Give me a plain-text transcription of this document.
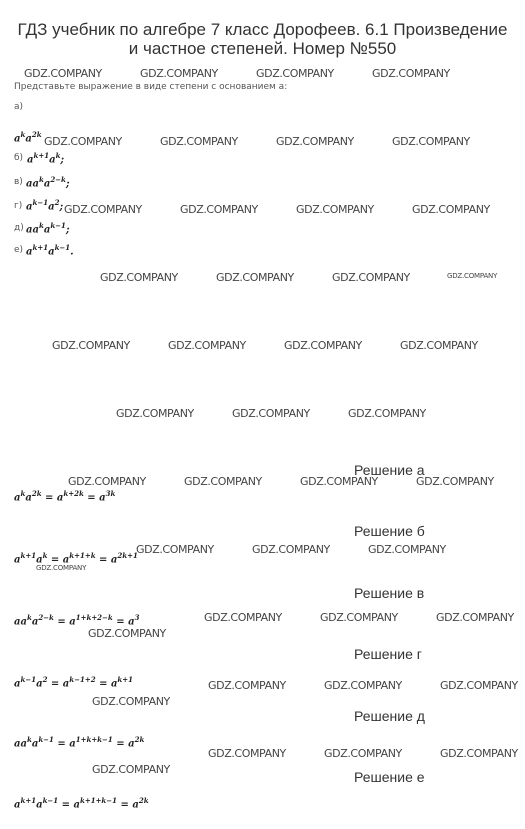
ГДЗ учебник по алгебре 7 класс Дорофеев. 6.1 Произведение
и частное степеней. Номер №550
GDZ.COMPANY	GDZ.COMPANY	GDZ.COMPANY	GDZ.COMPANY
GDZ.COMPANY	GDZ.COMPANY	GDZ.COMPANY	GDZ.COMPANY
GDZ.COMPANY	GDZ.COMPANY	GDZ.COMPANY	GDZ.COMPANY
GDZ.COMPANY	GDZ.COMPANY	GDZ.COMPANY
GDZ.COMPANY	GDZ.COMPANY	GDZ.COMPANY	GDZ.COMPANY
GDZ.COMPANY	GDZ.COMPANY	GDZ.COMPANY
GDZ.COMPANY	GDZ.COMPANY	GDZ.COMPANY	GDZ.COMPANY
GDZ.COMPANY	GDZ.COMPANY	GDZ.COMPANY
GDZ.COMPANY
GDZ.COMPANY	GDZ.COMPANY	GDZ.COMPANY
GDZ.COMPANY	GDZ.COMPANY	GDZ.COMPANY
GDZ.COMPANY
GDZ.COMPANY	GDZ.COMPANY	GDZ.COMPANY
GDZ.COMPANY
GDZ.COMPANY
GDZ.COMPANY
Представьте выражение в виде степени с основанием a:
а)
$a^ka^{2k}$
б) $a^{k+1}a^k$;
в) $aa^ka^{2-k}$;
г) $a^{k-1}a^2$;
д) $aa^ka^{k-1}$;
е) $a^{k+1}a^{k-1}$.
Решение а
$a^ka^{2k} = a^{k+2k} = a^{3k}$
Решение б
$a^{k+1}a^k = a^{k+1+k} = a^{2k+1}$
Решение в
$aa^ka^{2-k} = a^{1+k+2-k} = a^3$
Решение г
$a^{k-1}a^2 = a^{k-1+2} = a^{k+1}$
Решение д
$aa^ka^{k-1} = a^{1+k+k-1} = a^{2k}$
Решение е
$a^{k+1}a^{k-1} = a^{k+1+k-1} = a^{2k}$
